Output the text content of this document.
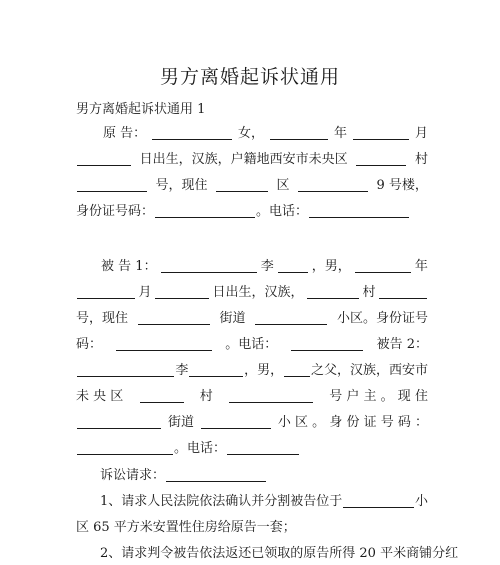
男方离婚起诉状通用
男方离婚起诉状通用 1
原 告：	女，	年	月
日出生，汉族，户籍地西安市未央区	村
号，现住	区	9 号楼，
身份证号码：	。电话：
被 告 1：	李	，男，	年
月	日出生，汉族，	村
号，现住	街道	小区。身份证号
码：	。电话：	被告 2：
李	，男， 之父，汉族，西安市
未 央 区	村	号 户 主 。 现 住
街道	小 区 。 身 份 证 号 码 ：
。电话：
诉讼请求：
1、请求人民法院依法确认并分割被告位于	小
区 65 平方米安置性住房给原告一套；
2、请求判令被告依法返还已领取的原告所得 20 平米商铺分红
